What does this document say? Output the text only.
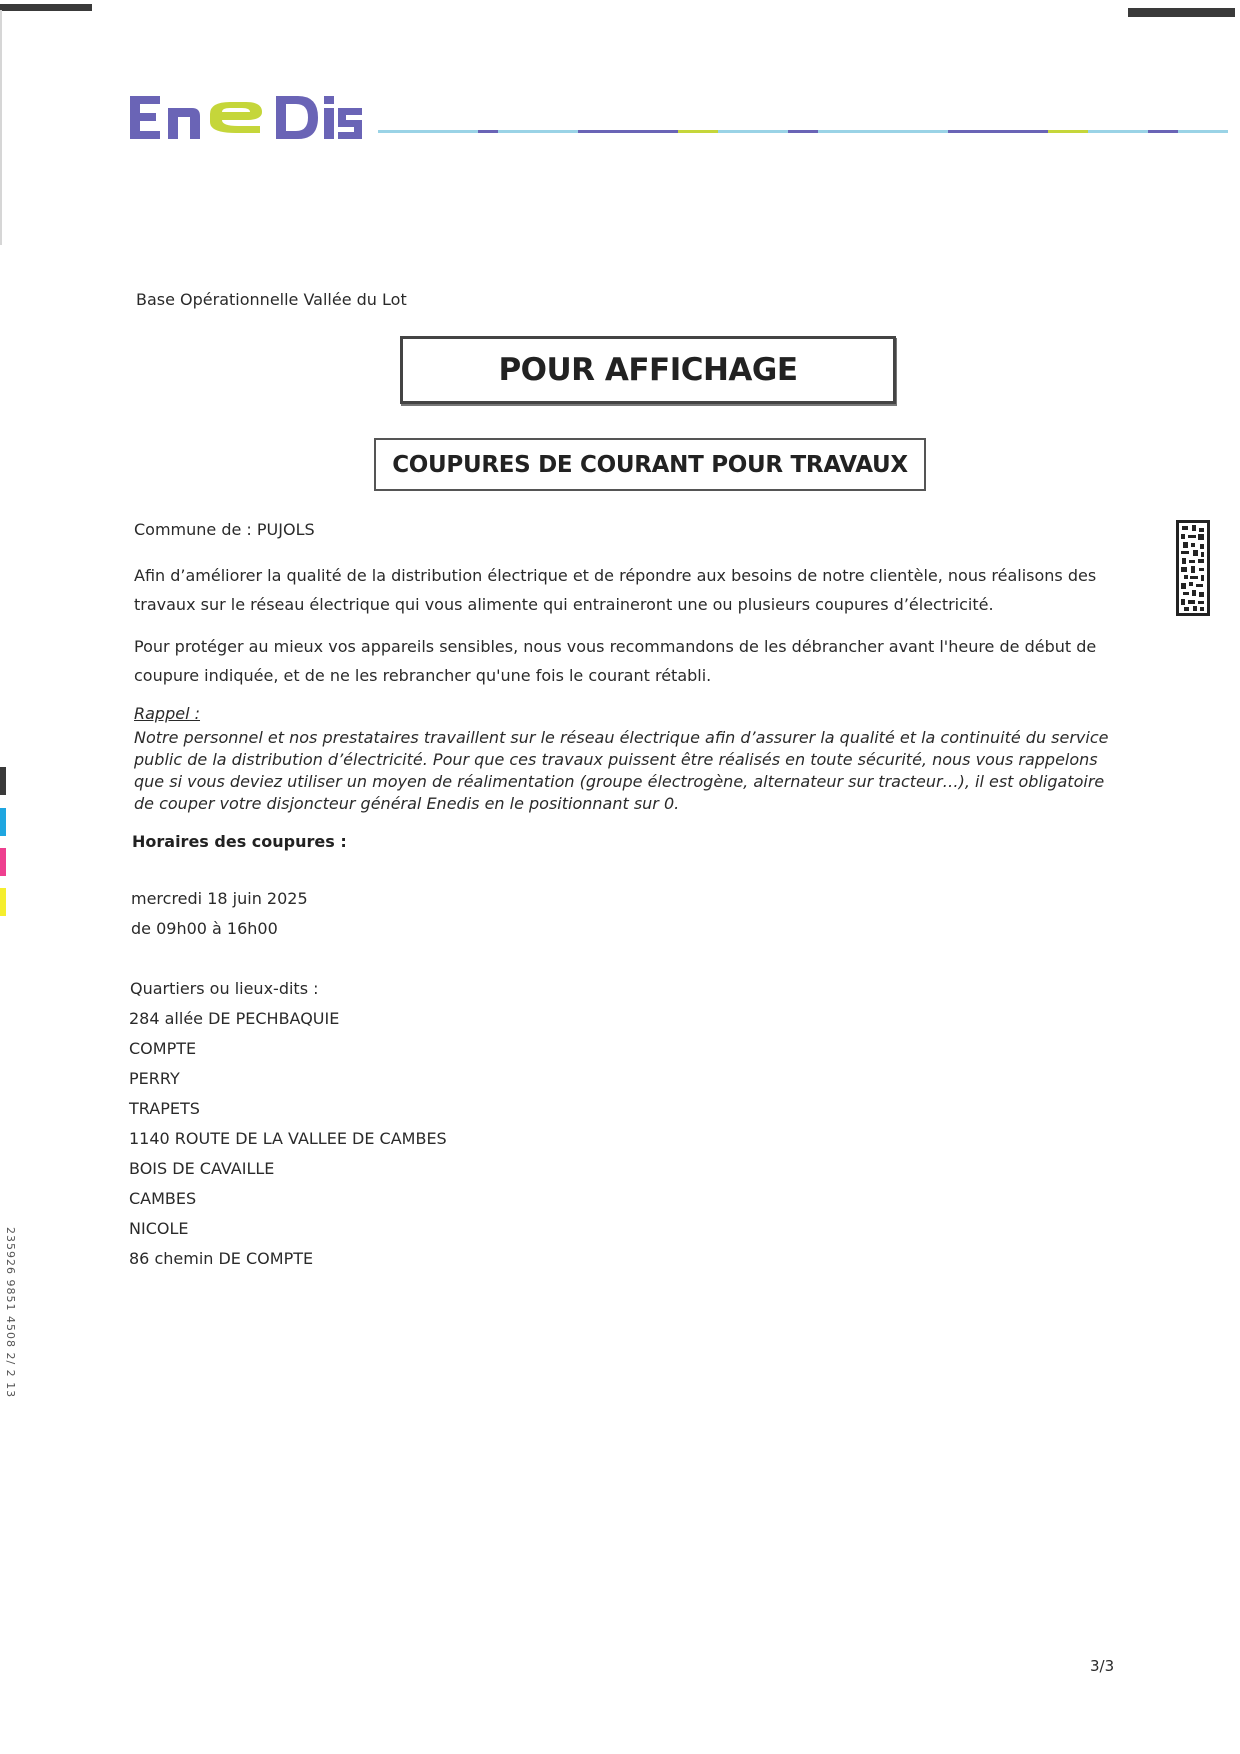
235926 9851 4508 2/ 2 13
Base Opérationnelle Vallée du Lot
POUR AFFICHAGE
COUPURES DE COURANT POUR TRAVAUX
Commune de : PUJOLS
Afin d’améliorer la qualité de la distribution électrique et de répondre aux besoins de notre clientèle, nous réalisons des travaux sur le réseau électrique qui vous alimente qui entraineront une ou plusieurs coupures d’électricité.
Pour protéger au mieux vos appareils sensibles, nous vous recommandons de les débrancher avant l'heure de début de coupure indiquée, et de ne les rebrancher qu'une fois le courant rétabli.
Rappel :
Notre personnel et nos prestataires travaillent sur le réseau électrique afin d’assurer la qualité et la continuité du service public de la distribution d’électricité. Pour que ces travaux puissent être réalisés en toute sécurité, nous vous rappelons que si vous deviez utiliser un moyen de réalimentation (groupe électrogène, alternateur sur tracteur…), il est obligatoire de couper votre disjoncteur général Enedis en le positionnant sur 0.
Horaires des coupures :
mercredi 18 juin 2025
de 09h00 à 16h00
Quartiers ou lieux-dits :
284 allée DE PECHBAQUIE
COMPTE
PERRY
TRAPETS
1140 ROUTE DE LA VALLEE DE CAMBES
BOIS DE CAVAILLE
CAMBES
NICOLE
86 chemin DE COMPTE
3/3
